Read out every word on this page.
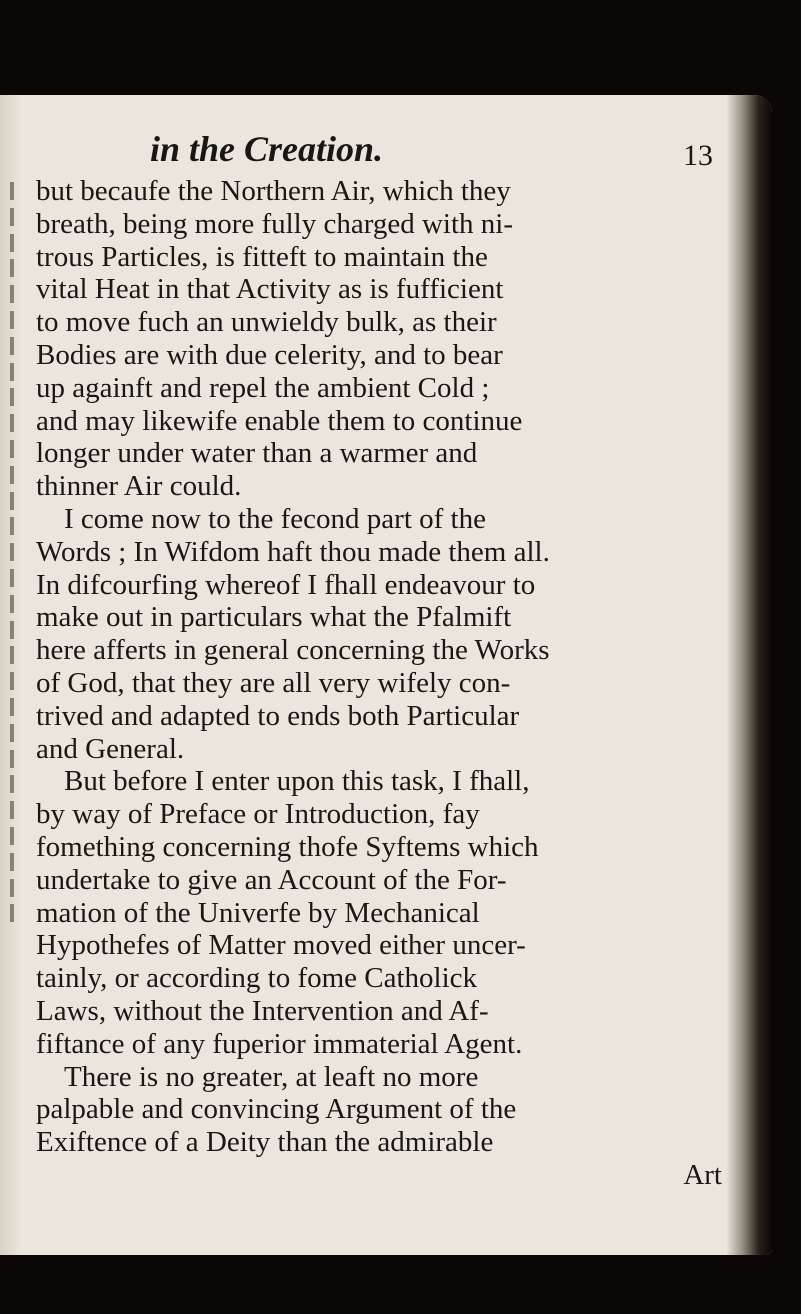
in the Creation.	13
but becaufe the Northern Air, which they
breath, being more fully charged with ni-
trous Particles, is fitteft to maintain the
vital Heat in that Activity as is fufficient
to move fuch an unwieldy bulk, as their
Bodies are with due celerity, and to bear
up againft and repel the ambient Cold ;
and may likewife enable them to continue
longer under water than a warmer and
thinner Air could.
I come now to the fecond part of the
Words ; In Wifdom haft thou made them all.
In difcourfing whereof I fhall endeavour to
make out in particulars what the Pfalmift
here afferts in general concerning the Works
of God, that they are all very wifely con-
trived and adapted to ends both Particular
and General.
But before I enter upon this task, I fhall,
by way of Preface or Introduction, fay
fomething concerning thofe Syftems which
undertake to give an Account of the For-
mation of the Univerfe by Mechanical
Hypothefes of Matter moved either uncer-
tainly, or according to fome Catholick
Laws, without the Intervention and Af-
fiftance of any fuperior immaterial Agent.
There is no greater, at leaft no more
palpable and convincing Argument of the
Exiftence of a Deity than the admirable
Art
